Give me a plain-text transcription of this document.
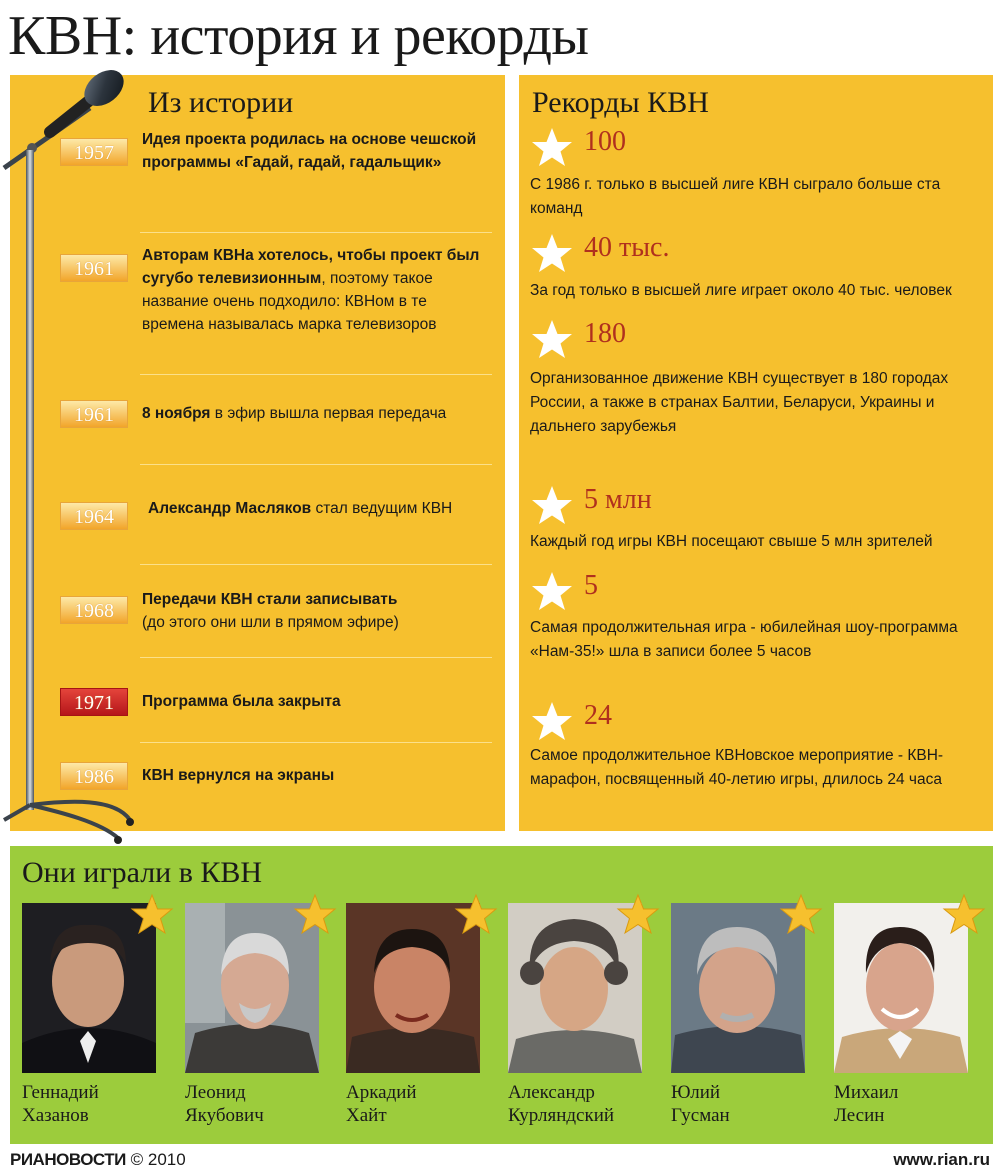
КВН: история и рекорды
Из истории
1957
Идея проекта родилась на основе чешской программы «Гадай, гадай, гадальщик»
1961
Авторам КВНа хотелось, чтобы проект был сугубо телевизионным, поэтому такое название очень подходило: КВНом в те времена называлась марка телевизоров
1961	8 ноября в эфир вышла первая передача
1964	Александр Масляков стал ведущим КВН
1968
Передачи КВН стали записывать
(до этого они шли в прямом эфире)
1971	Программа была закрыта
1986	КВН вернулся на экраны
Рекорды КВН
100
С 1986 г. только в высшей лиге КВН сыграло больше ста команд
40 тыс.
За год только в высшей лиге играет около 40 тыс. человек
180
Организованное движение КВН существует в 180 городах России, а также в странах Балтии, Беларуси, Украины и дальнего зарубежья
5 млн
Каждый год игры КВН посещают свыше 5 млн зрителей
5
Самая продолжительная игра - юбилейная шоу-программа «Нам-35!» шла в записи более 5 часов
24
Самое продолжительное КВНовское мероприятие - КВН-марафон, посвященный 40-летию игры, длилось 24 часа
Они играли в КВН
Геннадий
Хазанов
Леонид
Якубович
Аркадий
Хайт
Александр
Курляндский
Юлий
Гусман
Михаил
Лесин
РИАНОВОСТИ © 2010	www.rian.ru
